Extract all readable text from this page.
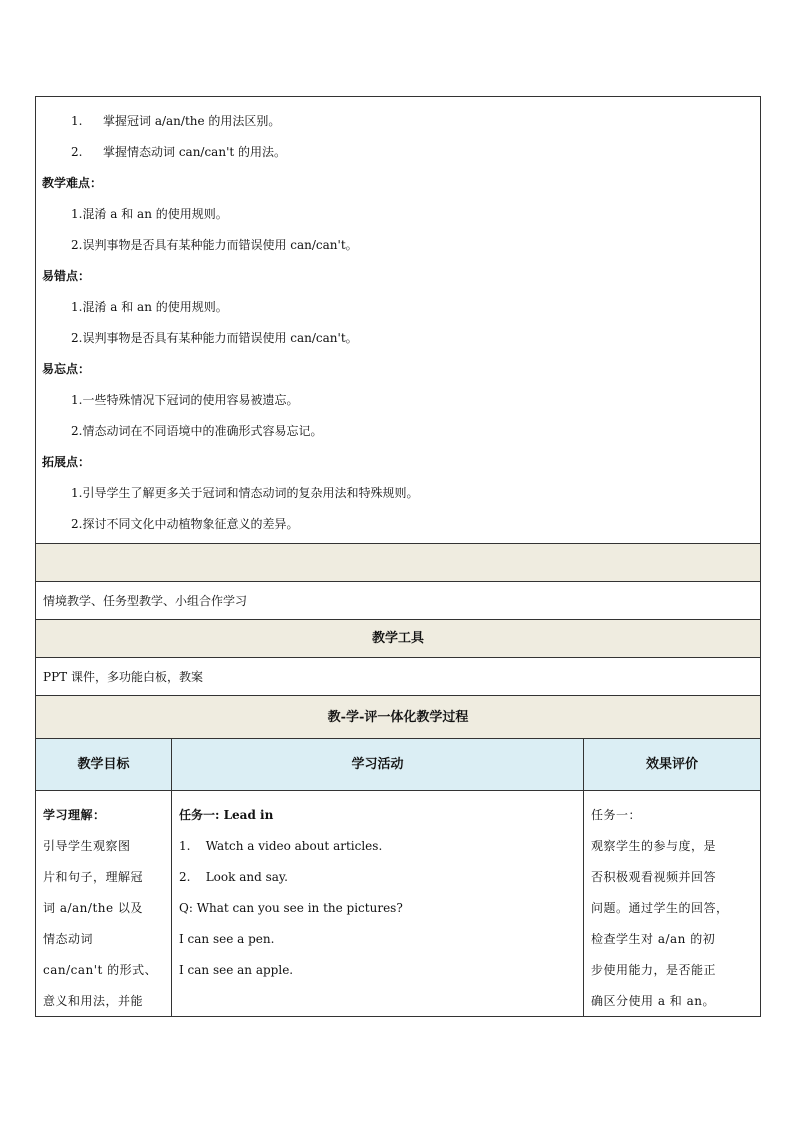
1. 掌握冠词 a/an/the 的用法区别。
2. 掌握情态动词 can/can't 的用法。
教学难点：
1.混淆 a 和 an 的使用规则。
2.误判事物是否具有某种能力而错误使用 can/can't。
易错点：
1.混淆 a 和 an 的使用规则。
2.误判事物是否具有某种能力而错误使用 can/can't。
易忘点：
1.一些特殊情况下冠词的使用容易被遗忘。
2.情态动词在不同语境中的准确形式容易忘记。
拓展点：
1.引导学生了解更多关于冠词和情态动词的复杂用法和特殊规则。
2.探讨不同文化中动植物象征意义的差异。
情境教学、任务型教学、小组合作学习
教学工具
PPT 课件，多功能白板，教案
教-学-评一体化教学过程
教学目标	学习活动	效果评价
学习理解：
引导学生观察图
片和句子，理解冠
词 a/an/the 以及
情态动词
can/can't 的形式、
意义和用法，并能
任务一: Lead in
1.    Watch a video about articles.
2.    Look and say.
Q: What can you see in the pictures?
I can see a pen.
I can see an apple.
任务一：
观察学生的参与度，是
否积极观看视频并回答
问题。通过学生的回答，
检查学生对 a/an 的初
步使用能力，是否能正
确区分使用 a 和 an。
